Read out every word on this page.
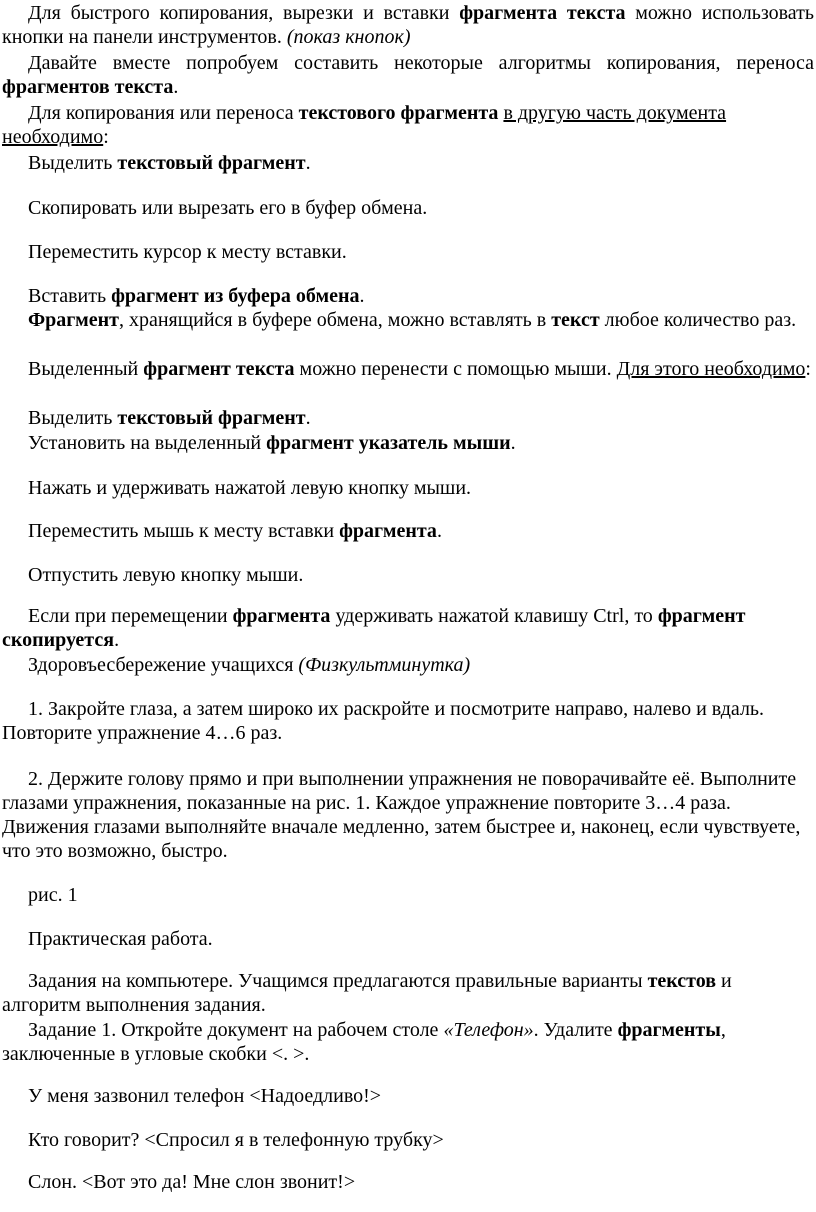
Для быстрого копирования, вырезки и вставки фрагмента текста можно использовать кнопки на панели инструментов. (показ кнопок)

Давайте вместе попробуем составить некоторые алгоритмы копирования, переноса фрагментов текста.

Для копирования или переноса текстового фрагмента в другую часть документа необходимо:

Выделить текстовый фрагмент.

Скопировать или вырезать его в буфер обмена.

Переместить курсор к месту вставки.

Вставить фрагмент из буфера обмена.

Фрагмент, хранящийся в буфере обмена, можно вставлять в текст любое количество раз.

Выделенный фрагмент текста можно перенести с помощью мыши. Для этого необходимо:

Выделить текстовый фрагмент.

Установить на выделенный фрагмент указатель мыши.

Нажать и удерживать нажатой левую кнопку мыши.

Переместить мышь к месту вставки фрагмента.

Отпустить левую кнопку мыши.

Если при перемещении фрагмента удерживать нажатой клавишу Ctrl, то фрагмент скопируется.

Здоровъесбережение учащихся (Физкультминутка)

1. Закройте глаза, а затем широко их раскройте и посмотрите направо, налево и вдаль. Повторите упражнение 4…6 раз.

2. Держите голову прямо и при выполнении упражнения не поворачивайте её. Выполните глазами упражнения, показанные на рис. 1. Каждое упражнение повторите 3…4 раза. Движения глазами выполняйте вначале медленно, затем быстрее и, наконец, если чувствуете, что это возможно, быстро.

рис. 1

Практическая работа.

Задания на компьютере. Учащимся предлагаются правильные варианты текстов и алгоритм выполнения задания.

Задание 1. Откройте документ на рабочем столе «Телефон». Удалите фрагменты, заключенные в угловые скобки <. >.

У меня зазвонил телефон <Надоедливо!>

Кто говорит? <Спросил я в телефонную трубку>

Слон. <Вот это да! Мне слон звонит!>
